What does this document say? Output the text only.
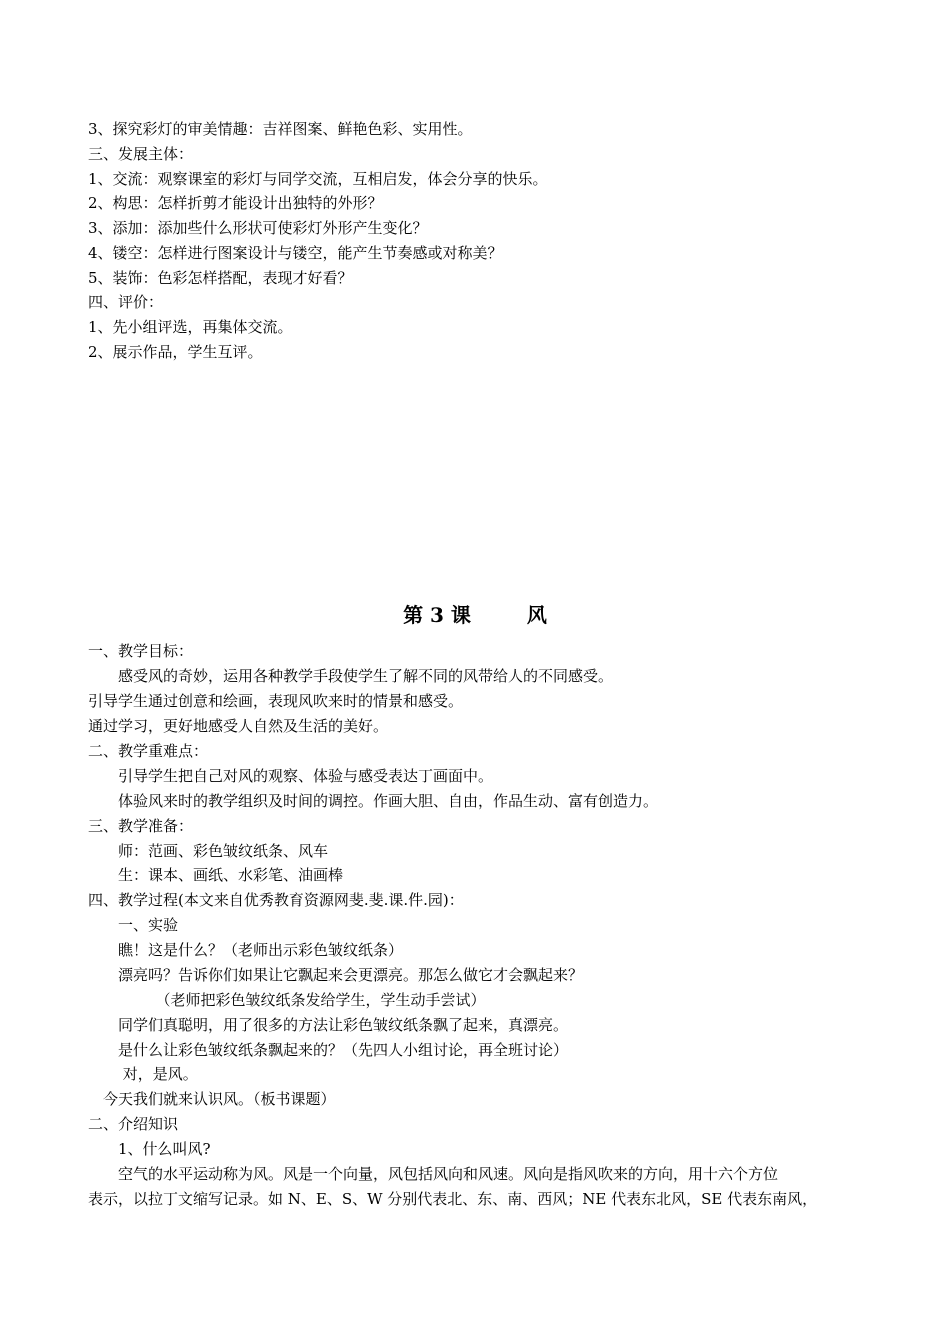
3、探究彩灯的审美情趣：吉祥图案、鲜艳色彩、实用性。
三、发展主体：
1、交流：观察课室的彩灯与同学交流，互相启发，体会分享的快乐。
2、构思：怎样折剪才能设计出独特的外形？
3、添加：添加些什么形状可使彩灯外形产生变化？
4、镂空：怎样进行图案设计与镂空，能产生节奏感或对称美？
5、装饰：色彩怎样搭配，表现才好看？
四、评价：
1、先小组评选，再集体交流。
2、展示作品，学生互评。
第 3 课	风
一、教学目标：
　　感受风的奇妙，运用各种教学手段使学生了解不同的风带给人的不同感受。
引导学生通过创意和绘画，表现风吹来时的情景和感受。
通过学习，更好地感受人自然及生活的美好。
二、教学重难点：
　　引导学生把自己对风的观察、体验与感受表达丁画面中。
　　体验风来时的教学组织及时间的调控。作画大胆、自由，作品生动、富有创造力。
三、教学准备：
　　师：范画、彩色皱纹纸条、风车
　　生：课本、画纸、水彩笔、油画棒
四、教学过程(本文来自优秀教育资源网斐.斐.课.件.园)：
　　一、实验
　　瞧！这是什么？（老师出示彩色皱纹纸条）
　　漂亮吗？告诉你们如果让它飘起来会更漂亮。那怎么做它才会飘起来？
　　　　　（老师把彩色皱纹纸条发给学生，学生动手尝试）
　　同学们真聪明，用了很多的方法让彩色皱纹纸条飘了起来，真漂亮。
　　是什么让彩色皱纹纸条飘起来的？（先四人小组讨论，再全班讨论）
　　 对，是风。
　今天我们就来认识风。（板书课题）
二、介绍知识
　　1、什么叫风?
　　空气的水平运动称为风。风是一个向量，风包括风向和风速。风向是指风吹来的方向，用十六个方位
表示，以拉丁文缩写记录。如 N、E、S、W 分别代表北、东、南、西风；NE 代表东北风，SE 代表东南风，
